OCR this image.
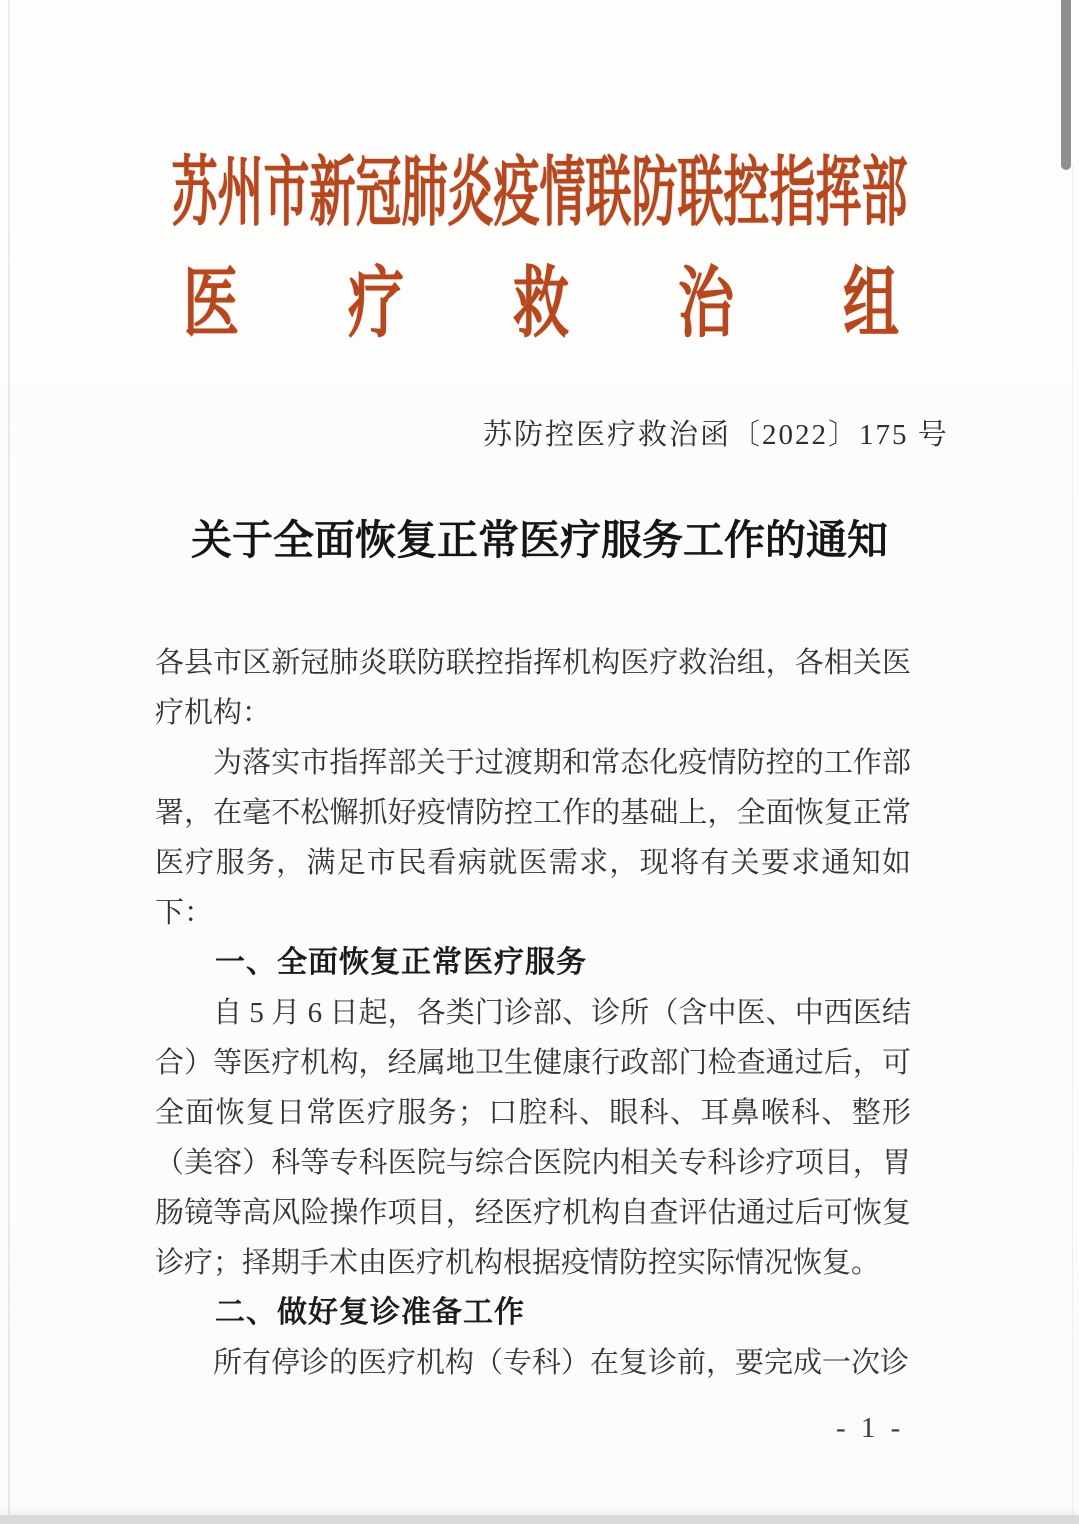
苏州市新冠肺炎疫情联防联控指挥部
医 疗 救 治 组
苏防控医疗救治函〔2022〕175 号
关于全面恢复正常医疗服务工作的通知

各县市区新冠肺炎联防联控指挥机构医疗救治组，各相关医疗机构：

为落实市指挥部关于过渡期和常态化疫情防控的工作部署，在毫不松懈抓好疫情防控工作的基础上，全面恢复正常医疗服务，满足市民看病就医需求，现将有关要求通知如下：

一、全面恢复正常医疗服务

自 5 月 6 日起，各类门诊部、诊所（含中医、中西医结合）等医疗机构，经属地卫生健康行政部门检查通过后，可全面恢复日常医疗服务；口腔科、眼科、耳鼻喉科、整形（美容）科等专科医院与综合医院内相关专科诊疗项目，胃肠镜等高风险操作项目，经医疗机构自查评估通过后可恢复诊疗；择期手术由医疗机构根据疫情防控实际情况恢复。

二、做好复诊准备工作

所有停诊的医疗机构（专科）在复诊前，要完成一次诊

- 1 -
